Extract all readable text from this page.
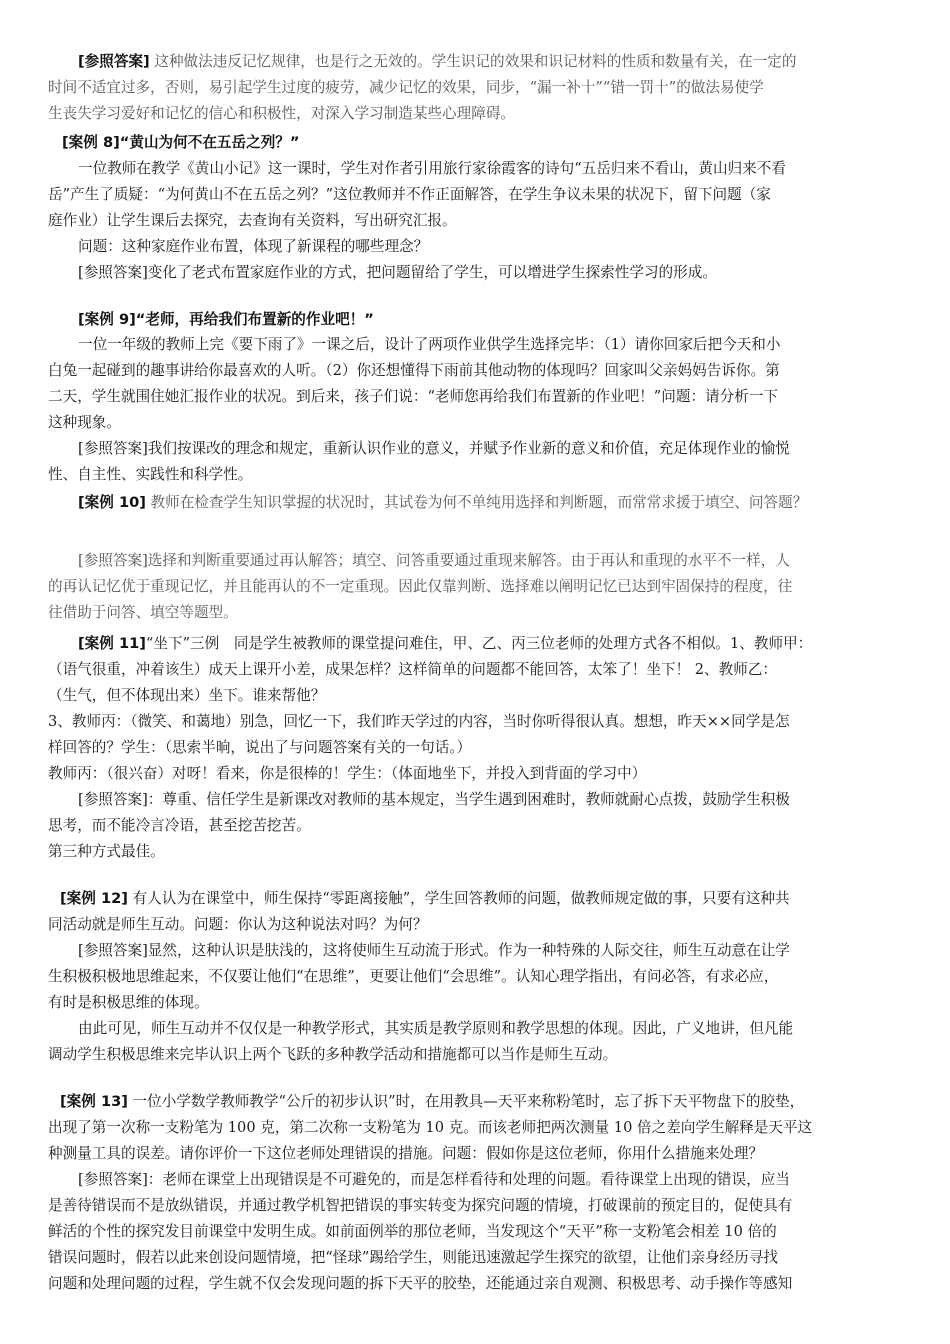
[参照答案] 这种做法违反记忆规律，也是行之无效的。学生识记的效果和识记材料的性质和数量有关，在一定的
时间不适宜过多，否则，易引起学生过度的疲劳，减少记忆的效果，同步，“漏一补十”“错一罚十”的做法易使学
生丧失学习爱好和记忆的信心和积极性，对深入学习制造某些心理障碍。
[案例 8]“黄山为何不在五岳之列？”
一位教师在教学《黄山小记》这一课时，学生对作者引用旅行家徐霞客的诗句“五岳归来不看山，黄山归来不看
岳”产生了质疑：“为何黄山不在五岳之列？”这位教师并不作正面解答，在学生争议未果的状况下，留下问题（家
庭作业）让学生课后去探究，去查询有关资料，写出研究汇报。
问题：这种家庭作业布置，体现了新课程的哪些理念？
[参照答案]变化了老式布置家庭作业的方式，把问题留给了学生，可以增进学生探索性学习的形成。
[案例 9]“老师，再给我们布置新的作业吧！”
一位一年级的教师上完《要下雨了》一课之后，设计了两项作业供学生选择完毕：（1）请你回家后把今天和小
白兔一起碰到的趣事讲给你最喜欢的人听。（2）你还想懂得下雨前其他动物的体现吗？回家叫父亲妈妈告诉你。第
二天，学生就围住她汇报作业的状况。到后来，孩子们说：“老师您再给我们布置新的作业吧！”问题：请分析一下
这种现象。
[参照答案]我们按课改的理念和规定，重新认识作业的意义，并赋予作业新的意义和价值，充足体现作业的愉悦
性、自主性、实践性和科学性。
[案例 10] 教师在检查学生知识掌握的状况时，其试卷为何不单纯用选择和判断题，而常常求援于填空、问答题？
[参照答案]选择和判断重要通过再认解答；填空、问答重要通过重现来解答。由于再认和重现的水平不一样，人
的再认记忆优于重现记忆，并且能再认的不一定重现。因此仅靠判断、选择难以阐明记忆已达到牢固保持的程度，往
往借助于问答、填空等题型。
[案例 11]“坐下”三例　同是学生被教师的课堂提问难住，甲、乙、丙三位老师的处理方式各不相似。1、教师甲：
（语气很重，冲着该生）成天上课开小差，成果怎样？这样简单的问题都不能回答，太笨了！坐下！ 2、教师乙：
（生气，但不体现出来）坐下。谁来帮他？
3、教师丙：（微笑、和蔼地）别急，回忆一下，我们昨天学过的内容，当时你听得很认真。想想，昨天××同学是怎
样回答的？学生：（思索半晌，说出了与问题答案有关的一句话。）
教师丙：（很兴奋）对呀！看来，你是很棒的！学生：（体面地坐下，并投入到背面的学习中）
[参照答案]：尊重、信任学生是新课改对教师的基本规定，当学生遇到困难时，教师就耐心点拨，鼓励学生积极
思考，而不能冷言冷语，甚至挖苦挖苦。
第三种方式最佳。
[案例 12] 有人认为在课堂中，师生保持“零距离接触”，学生回答教师的问题，做教师规定做的事，只要有这种共
同活动就是师生互动。问题：你认为这种说法对吗？为何？
[参照答案]显然，这种认识是肤浅的，这将使师生互动流于形式。作为一种特殊的人际交往，师生互动意在让学
生积极积极地思维起来，不仅要让他们“在思维”，更要让他们“会思维”。认知心理学指出，有问必答，有求必应，
有时是积极思维的体现。
由此可见，师生互动并不仅仅是一种教学形式，其实质是教学原则和教学思想的体现。因此，广义地讲，但凡能
调动学生积极思维来完毕认识上两个飞跃的多种教学活动和措施都可以当作是师生互动。
[案例 13] 一位小学数学教师教学“公斤的初步认识”时，在用教具—天平来称粉笔时，忘了拆下天平物盘下的胶垫，
出现了第一次称一支粉笔为 100 克，第二次称一支粉笔为 10 克。而该老师把两次测量 10 倍之差向学生解释是天平这
种测量工具的误差。请你评价一下这位老师处理错误的措施。问题：假如你是这位老师，你用什么措施来处理？
[参照答案]：老师在课堂上出现错误是不可避免的，而是怎样看待和处理的问题。看待课堂上出现的错误，应当
是善待错误而不是放纵错误，并通过教学机智把错误的事实转变为探究问题的情境，打破课前的预定目的，促使具有
鲜活的个性的探究发目前课堂中发明生成。如前面例举的那位老师，当发现这个“天平”称一支粉笔会相差 10 倍的
错误问题时，假若以此来创设问题情境，把“怪球”踢给学生，则能迅速激起学生探究的欲望，让他们亲身经历寻找
问题和处理问题的过程，学生就不仅会发现问题的拆下天平的胶垫，还能通过亲自观测、积极思考、动手操作等感知
